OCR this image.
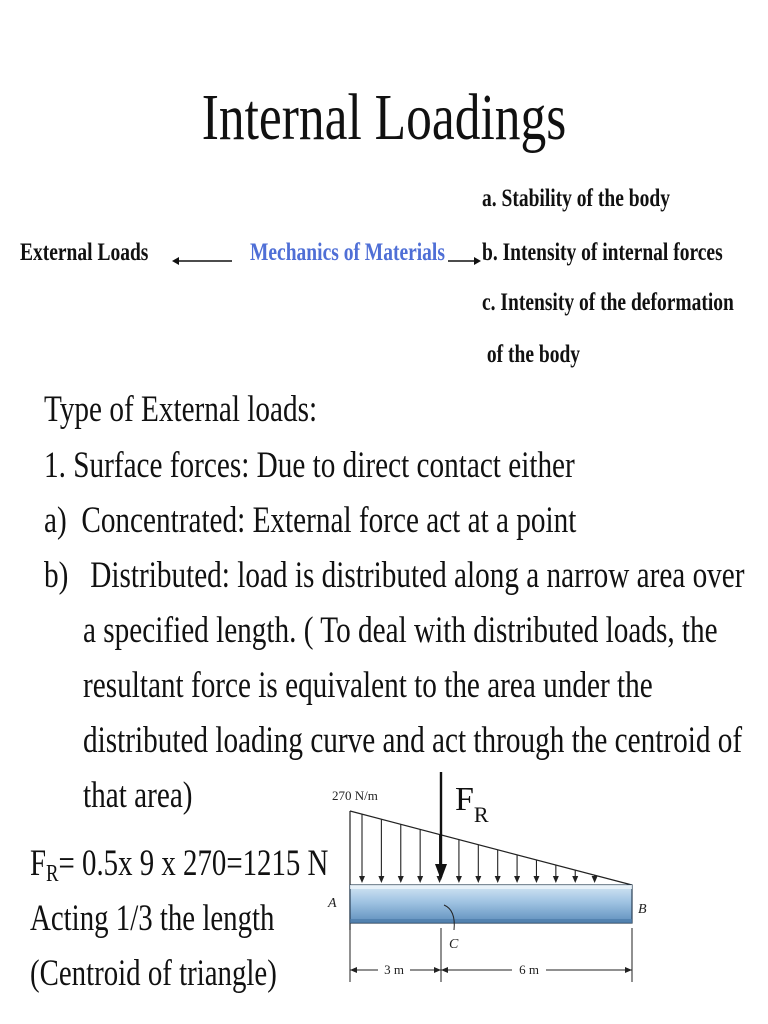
Internal Loadings
External Loads	Mechanics of Materials
a. Stability of the body
b. Intensity of internal forces
c. Intensity of the deformation
of the body
Type of External loads:
1. Surface forces: Due to direct contact either
a)  Concentrated: External force act at a point
b)   Distributed: load is distributed along a narrow area over
a specified length. ( To deal with distributed loads, the
resultant force is equivalent to the area under the
distributed loading curve and act through the centroid of
that area)
$F_R= 0.5x$ 9 x 270=1215 N
Acting 1/3 the length
(Centroid of triangle)
270 N/m $F_R$
A	B
C
3 m	6 m
